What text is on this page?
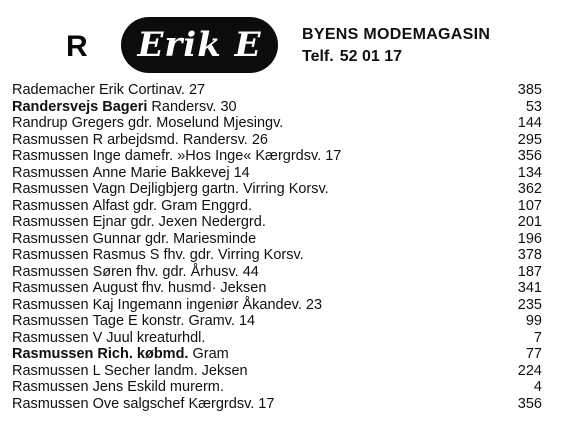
R	Erik E	BYENS MODEMAGASIN
Telf. 52 01 17
Rademacher Erik Cortinav. 27	385
Randersvejs Bageri Randersv. 30	53
Randrup Gregers gdr. Moselund Mjesingv.	144
Rasmussen R arbejdsmd. Randersv. 26	295
Rasmussen Inge damefr. »Hos Inge« Kærgrdsv. 17	356
Rasmussen Anne Marie Bakkevej 14	134
Rasmussen Vagn Dejligbjerg gartn. Virring Korsv.	362
Rasmussen Alfast gdr. Gram Enggrd.	107
Rasmussen Ejnar gdr. Jexen Nedergrd.	201
Rasmussen Gunnar gdr. Mariesminde	196
Rasmussen Rasmus S fhv. gdr. Virring Korsv.	378
Rasmussen Søren fhv. gdr. Århusv. 44	187
Rasmussen August fhv. husmd· Jeksen	341
Rasmussen Kaj Ingemann ingeniør Åkandev. 23	235
Rasmussen Tage E konstr. Gramv. 14	99
Rasmussen V Juul kreaturhdl.	7
Rasmussen Rich. købmd. Gram	77
Rasmussen L Secher landm. Jeksen	224
Rasmussen Jens Eskild murerm.	4
Rasmussen Ove salgschef Kærgrdsv. 17	356
